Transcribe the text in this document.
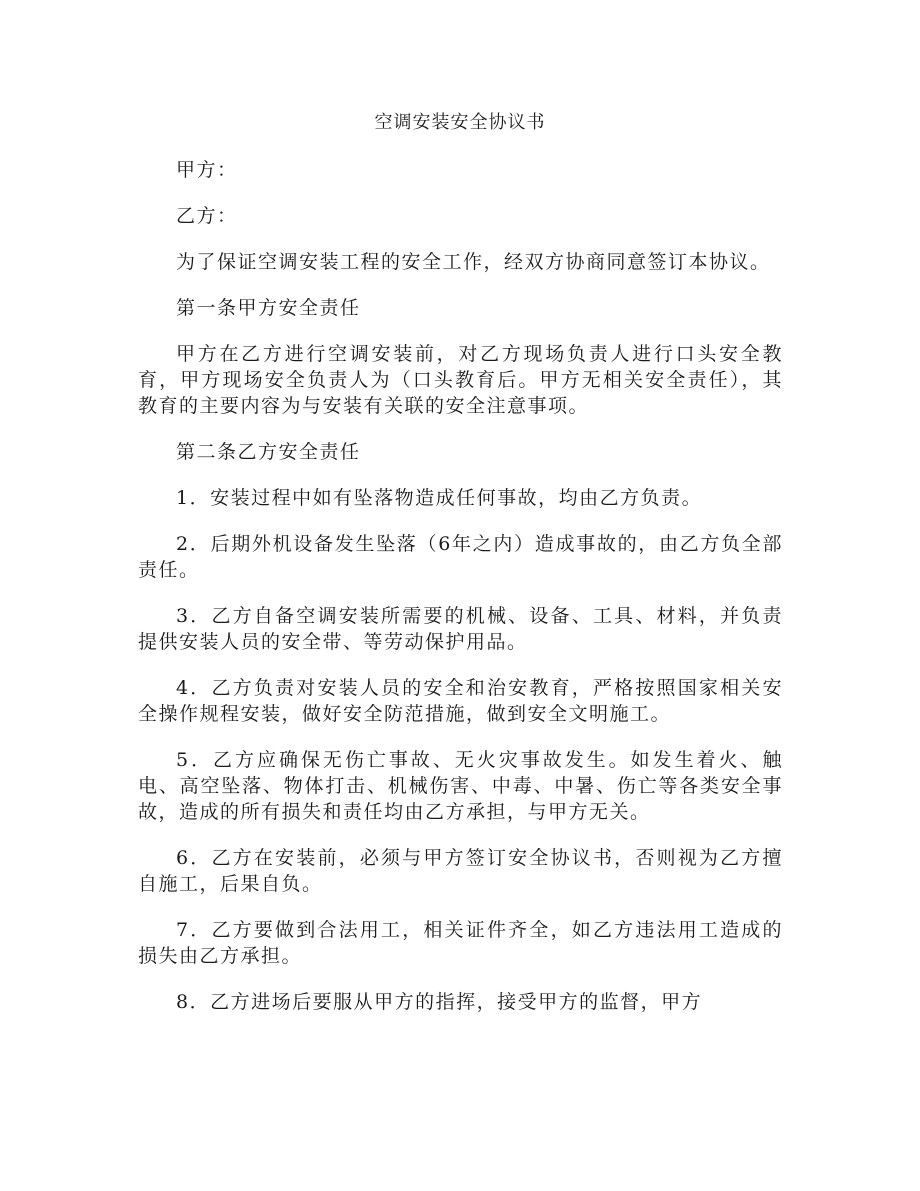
空调安装安全协议书

甲方：

乙方：

为了保证空调安装工程的安全工作，经双方协商同意签订本协议。

第一条甲方安全责任

甲方在乙方进行空调安装前，对乙方现场负责人进行口头安全教育，甲方现场安全负责人为（口头教育后。甲方无相关安全责任），其教育的主要内容为与安装有关联的安全注意事项。

第二条乙方安全责任

1．安装过程中如有坠落物造成任何事故，均由乙方负责。

2．后期外机设备发生坠落（6年之内）造成事故的，由乙方负全部责任。

3．乙方自备空调安装所需要的机械、设备、工具、材料，并负责提供安装人员的安全带、等劳动保护用品。

4．乙方负责对安装人员的安全和治安教育，严格按照国家相关安全操作规程安装，做好安全防范措施，做到安全文明施工。

5．乙方应确保无伤亡事故、无火灾事故发生。如发生着火、触电、高空坠落、物体打击、机械伤害、中毒、中暑、伤亡等各类安全事故，造成的所有损失和责任均由乙方承担，与甲方无关。

6．乙方在安装前，必须与甲方签订安全协议书，否则视为乙方擅自施工，后果自负。

7．乙方要做到合法用工，相关证件齐全，如乙方违法用工造成的损失由乙方承担。

8．乙方进场后要服从甲方的指挥，接受甲方的监督，甲方
